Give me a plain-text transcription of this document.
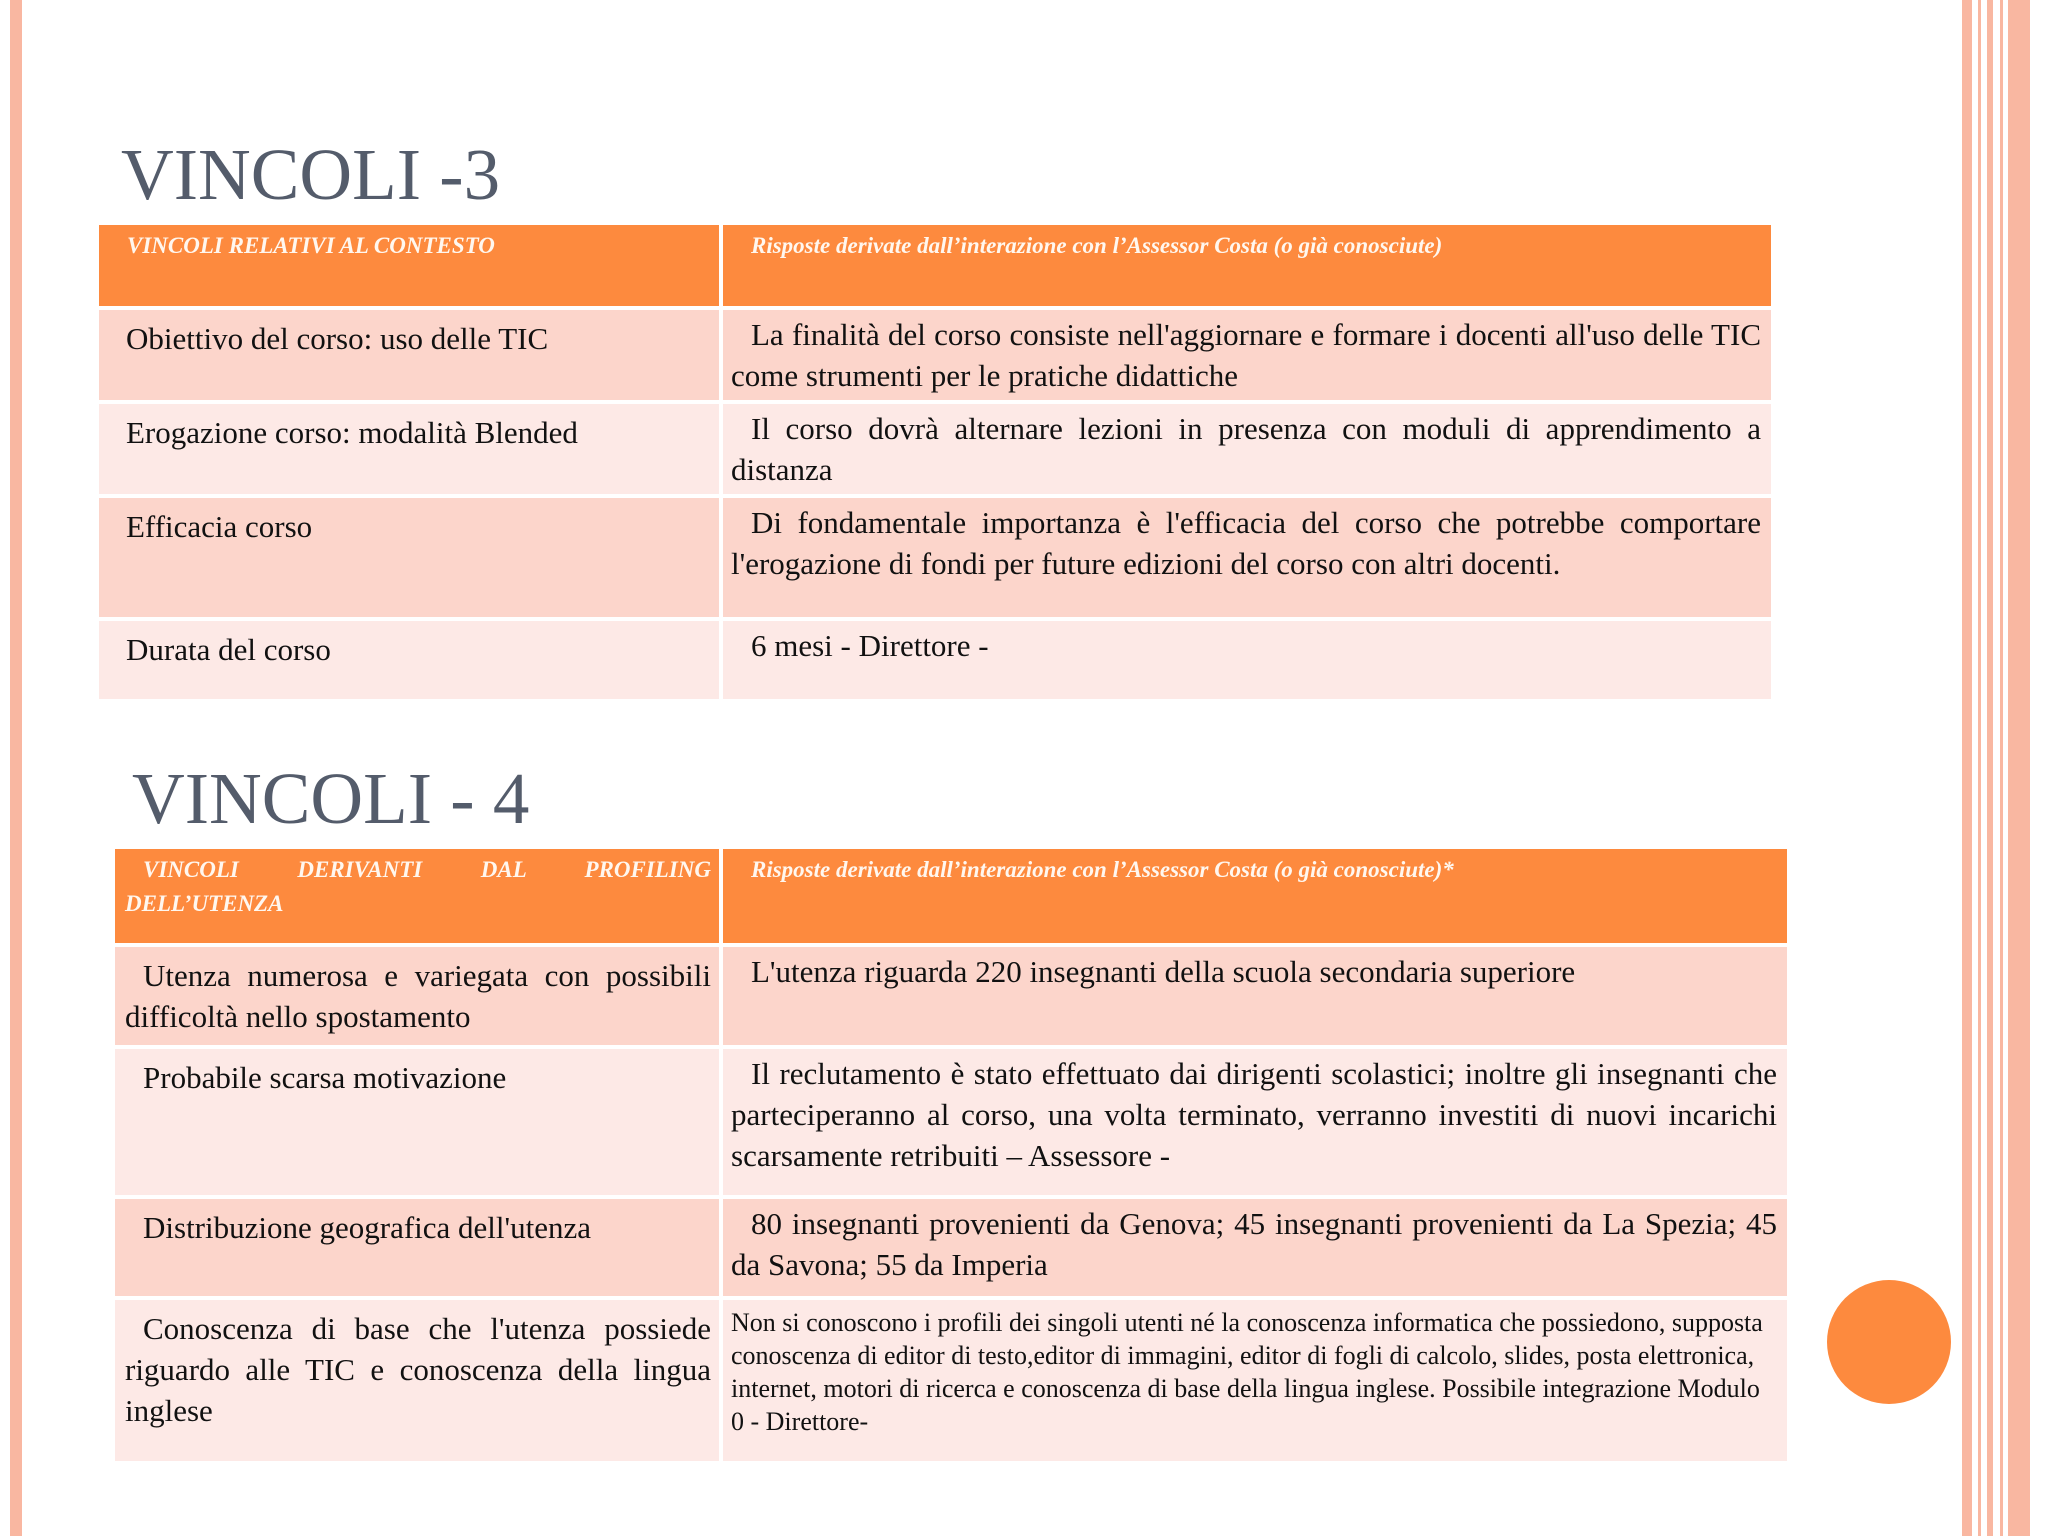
VINCOLI -3
VINCOLI RELATIVI AL CONTESTO	Risposte derivate dall’interazione con l’Assessor Costa (o già conosciute)
Obiettivo del corso: uso delle TIC	La finalità del corso consiste nell'aggiornare e formare i docenti all'uso delle TIC come strumenti per le pratiche didattiche

Erogazione corso: modalità Blended	Il corso dovrà alternare lezioni in presenza con moduli di apprendimento a distanza

Efficacia corso	Di fondamentale importanza è l'efficacia del corso che potrebbe comportare l'erogazione di fondi per future edizioni del corso con altri docenti.

Durata del corso	6 mesi - Direttore -
VINCOLI - 4
VINCOLI DERIVANTI DAL PROFILING DELL’UTENZA	Risposte derivate dall’interazione con l’Assessor Costa (o già conosciute)*
Utenza numerosa e variegata con possibili difficoltà nello spostamento	L'utenza riguarda 220 insegnanti della scuola secondaria superiore

Probabile scarsa motivazione	Il reclutamento è stato effettuato dai dirigenti scolastici; inoltre gli insegnanti che parteciperanno al corso, una volta terminato, verranno investiti di nuovi incarichi scarsamente retribuiti – Assessore -

Distribuzione geografica dell'utenza	80 insegnanti provenienti da Genova; 45 insegnanti provenienti da La Spezia; 45 da Savona; 55 da Imperia

Conoscenza di base che l'utenza possiede riguardo alle TIC e conoscenza della lingua inglese	Non si conoscono i profili dei singoli utenti né la conoscenza informatica che possiedono, supposta conoscenza di editor di testo,editor di immagini, editor di fogli di calcolo, slides, posta elettronica, internet, motori di ricerca e conoscenza di base della lingua inglese. Possibile integrazione Modulo 0 - Direttore-
